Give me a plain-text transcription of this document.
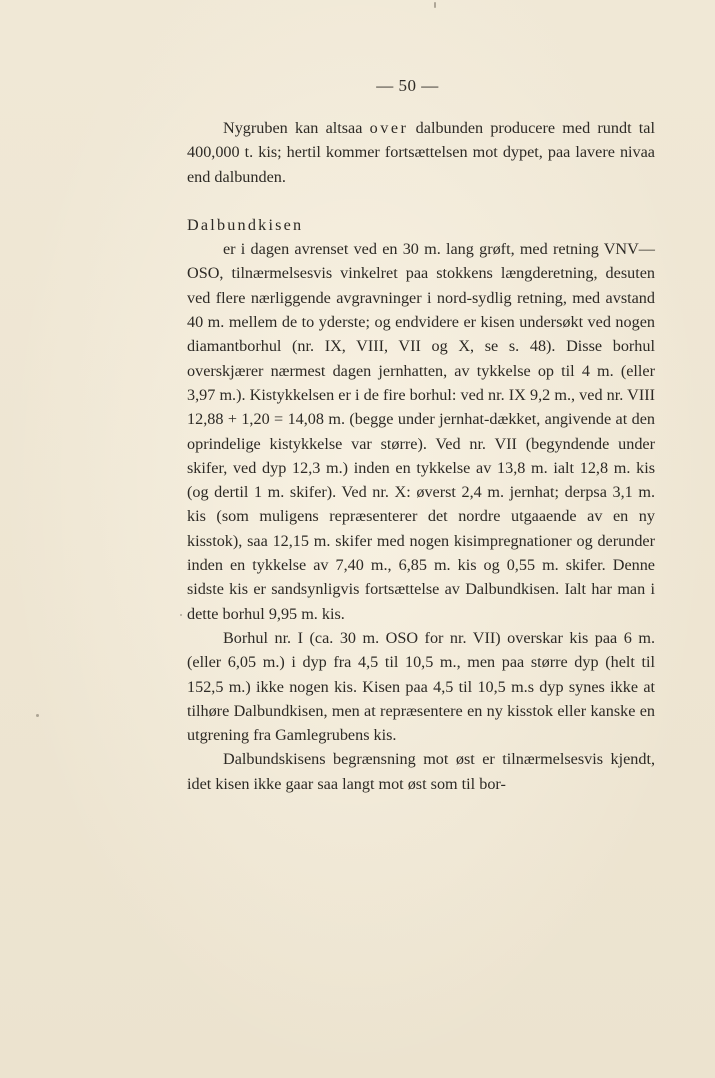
— 50 —

Nygruben kan altsaa over dalbunden producere med rundt tal 400,000 t. kis; hertil kommer fortsættelsen mot dypet, paa lavere nivaa end dalbunden.

Dalbundkisen

er i dagen avrenset ved en 30 m. lang grøft, med retning VNV—OSO, tilnærmelsesvis vinkelret paa stokkens længderetning, desuten ved flere nærliggende avgravninger i nord-sydlig retning, med avstand 40 m. mellem de to yderste; og endvidere er kisen undersøkt ved nogen diamantborhul (nr. IX, VIII, VII og X, se s. 48). Disse borhul overskjærer nærmest dagen jernhatten, av tykkelse op til 4 m. (eller 3,97 m.). Kistykkelsen er i de fire borhul: ved nr. IX 9,2 m., ved nr. VIII 12,88 + 1,20 = 14,08 m. (begge under jernhat-dækket, angivende at den oprindelige kistykkelse var større). Ved nr. VII (begyndende under skifer, ved dyp 12,3 m.) inden en tykkelse av 13,8 m. ialt 12,8 m. kis (og dertil 1 m. skifer). Ved nr. X: øverst 2,4 m. jernhat; derpsa 3,1 m. kis (som muligens repræsenterer det nordre utgaaende av en ny kisstok), saa 12,15 m. skifer med nogen kisimpregnationer og derunder inden en tykkelse av 7,40 m., 6,85 m. kis og 0,55 m. skifer. Denne sidste kis er sandsynligvis fortsættelse av Dalbundkisen. Ialt har man i dette borhul 9,95 m. kis.

Borhul nr. I (ca. 30 m. OSO for nr. VII) overskar kis paa 6 m. (eller 6,05 m.) i dyp fra 4,5 til 10,5 m., men paa større dyp (helt til 152,5 m.) ikke nogen kis. Kisen paa 4,5 til 10,5 m.s dyp synes ikke at tilhøre Dalbundkisen, men at repræsentere en ny kisstok eller kanske en utgrening fra Gamlegrubens kis.

Dalbundskisens begrænsning mot øst er tilnærmelsesvis kjendt, idet kisen ikke gaar saa langt mot øst som til bor-
